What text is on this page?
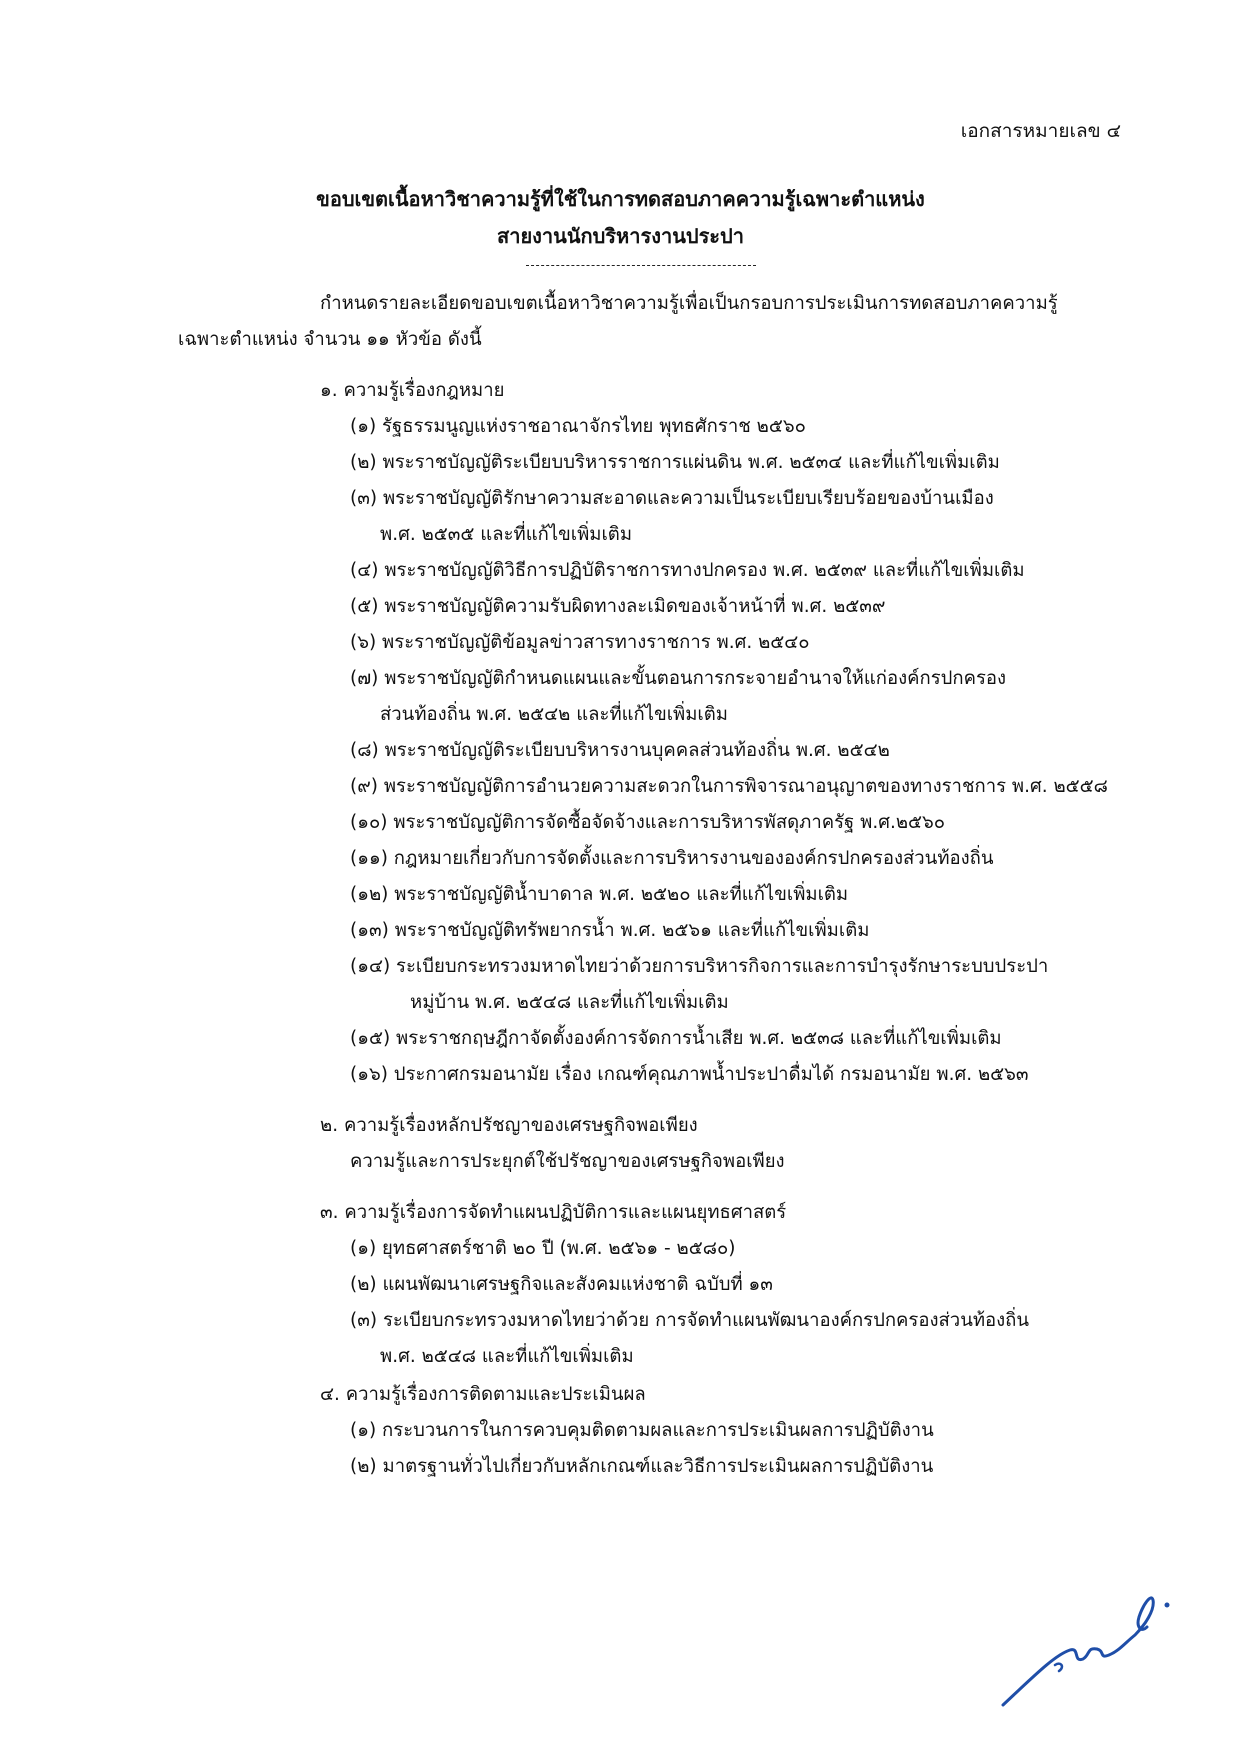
เอกสารหมายเลข ๔
ขอบเขตเนื้อหาวิชาความรู้ที่ใช้ในการทดสอบภาคความรู้เฉพาะตำแหน่ง
สายงานนักบริหารงานประปา
กำหนดรายละเอียดขอบเขตเนื้อหาวิชาความรู้เพื่อเป็นกรอบการประเมินการทดสอบภาคความรู้
เฉพาะตำแหน่ง จำนวน ๑๑ หัวข้อ ดังนี้
๑. ความรู้เรื่องกฎหมาย
(๑) รัฐธรรมนูญแห่งราชอาณาจักรไทย พุทธศักราช ๒๕๖๐
(๒) พระราชบัญญัติระเบียบบริหารราชการแผ่นดิน พ.ศ. ๒๕๓๔ และที่แก้ไขเพิ่มเติม
(๓) พระราชบัญญัติรักษาความสะอาดและความเป็นระเบียบเรียบร้อยของบ้านเมือง
พ.ศ. ๒๕๓๕ และที่แก้ไขเพิ่มเติม
(๔) พระราชบัญญัติวิธีการปฏิบัติราชการทางปกครอง พ.ศ. ๒๕๓๙ และที่แก้ไขเพิ่มเติม
(๕) พระราชบัญญัติความรับผิดทางละเมิดของเจ้าหน้าที่ พ.ศ. ๒๕๓๙
(๖) พระราชบัญญัติข้อมูลข่าวสารทางราชการ พ.ศ. ๒๕๔๐
(๗) พระราชบัญญัติกำหนดแผนและขั้นตอนการกระจายอำนาจให้แก่องค์กรปกครอง
ส่วนท้องถิ่น พ.ศ. ๒๕๔๒ และที่แก้ไขเพิ่มเติม
(๘) พระราชบัญญัติระเบียบบริหารงานบุคคลส่วนท้องถิ่น พ.ศ. ๒๕๔๒
(๙) พระราชบัญญัติการอำนวยความสะดวกในการพิจารณาอนุญาตของทางราชการ พ.ศ. ๒๕๕๘
(๑๐) พระราชบัญญัติการจัดซื้อจัดจ้างและการบริหารพัสดุภาครัฐ พ.ศ.๒๕๖๐
(๑๑) กฎหมายเกี่ยวกับการจัดตั้งและการบริหารงานขององค์กรปกครองส่วนท้องถิ่น
(๑๒) พระราชบัญญัติน้ำบาดาล พ.ศ. ๒๕๒๐ และที่แก้ไขเพิ่มเติม
(๑๓) พระราชบัญญัติทรัพยากรน้ำ พ.ศ. ๒๕๖๑ และที่แก้ไขเพิ่มเติม
(๑๔) ระเบียบกระทรวงมหาดไทยว่าด้วยการบริหารกิจการและการบำรุงรักษาระบบประปา
หมู่บ้าน พ.ศ. ๒๕๔๘ และที่แก้ไขเพิ่มเติม
(๑๕) พระราชกฤษฎีกาจัดตั้งองค์การจัดการน้ำเสีย พ.ศ. ๒๕๓๘ และที่แก้ไขเพิ่มเติม
(๑๖) ประกาศกรมอนามัย เรื่อง เกณฑ์คุณภาพน้ำประปาดื่มได้ กรมอนามัย พ.ศ. ๒๕๖๓
๒. ความรู้เรื่องหลักปรัชญาของเศรษฐกิจพอเพียง
ความรู้และการประยุกต์ใช้ปรัชญาของเศรษฐกิจพอเพียง
๓. ความรู้เรื่องการจัดทำแผนปฏิบัติการและแผนยุทธศาสตร์
(๑) ยุทธศาสตร์ชาติ ๒๐ ปี (พ.ศ. ๒๕๖๑ - ๒๕๘๐)
(๒) แผนพัฒนาเศรษฐกิจและสังคมแห่งชาติ ฉบับที่ ๑๓
(๓) ระเบียบกระทรวงมหาดไทยว่าด้วย การจัดทำแผนพัฒนาองค์กรปกครองส่วนท้องถิ่น
พ.ศ. ๒๕๔๘ และที่แก้ไขเพิ่มเติม
๔. ความรู้เรื่องการติดตามและประเมินผล
(๑) กระบวนการในการควบคุมติดตามผลและการประเมินผลการปฏิบัติงาน
(๒) มาตรฐานทั่วไปเกี่ยวกับหลักเกณฑ์และวิธีการประเมินผลการปฏิบัติงาน
